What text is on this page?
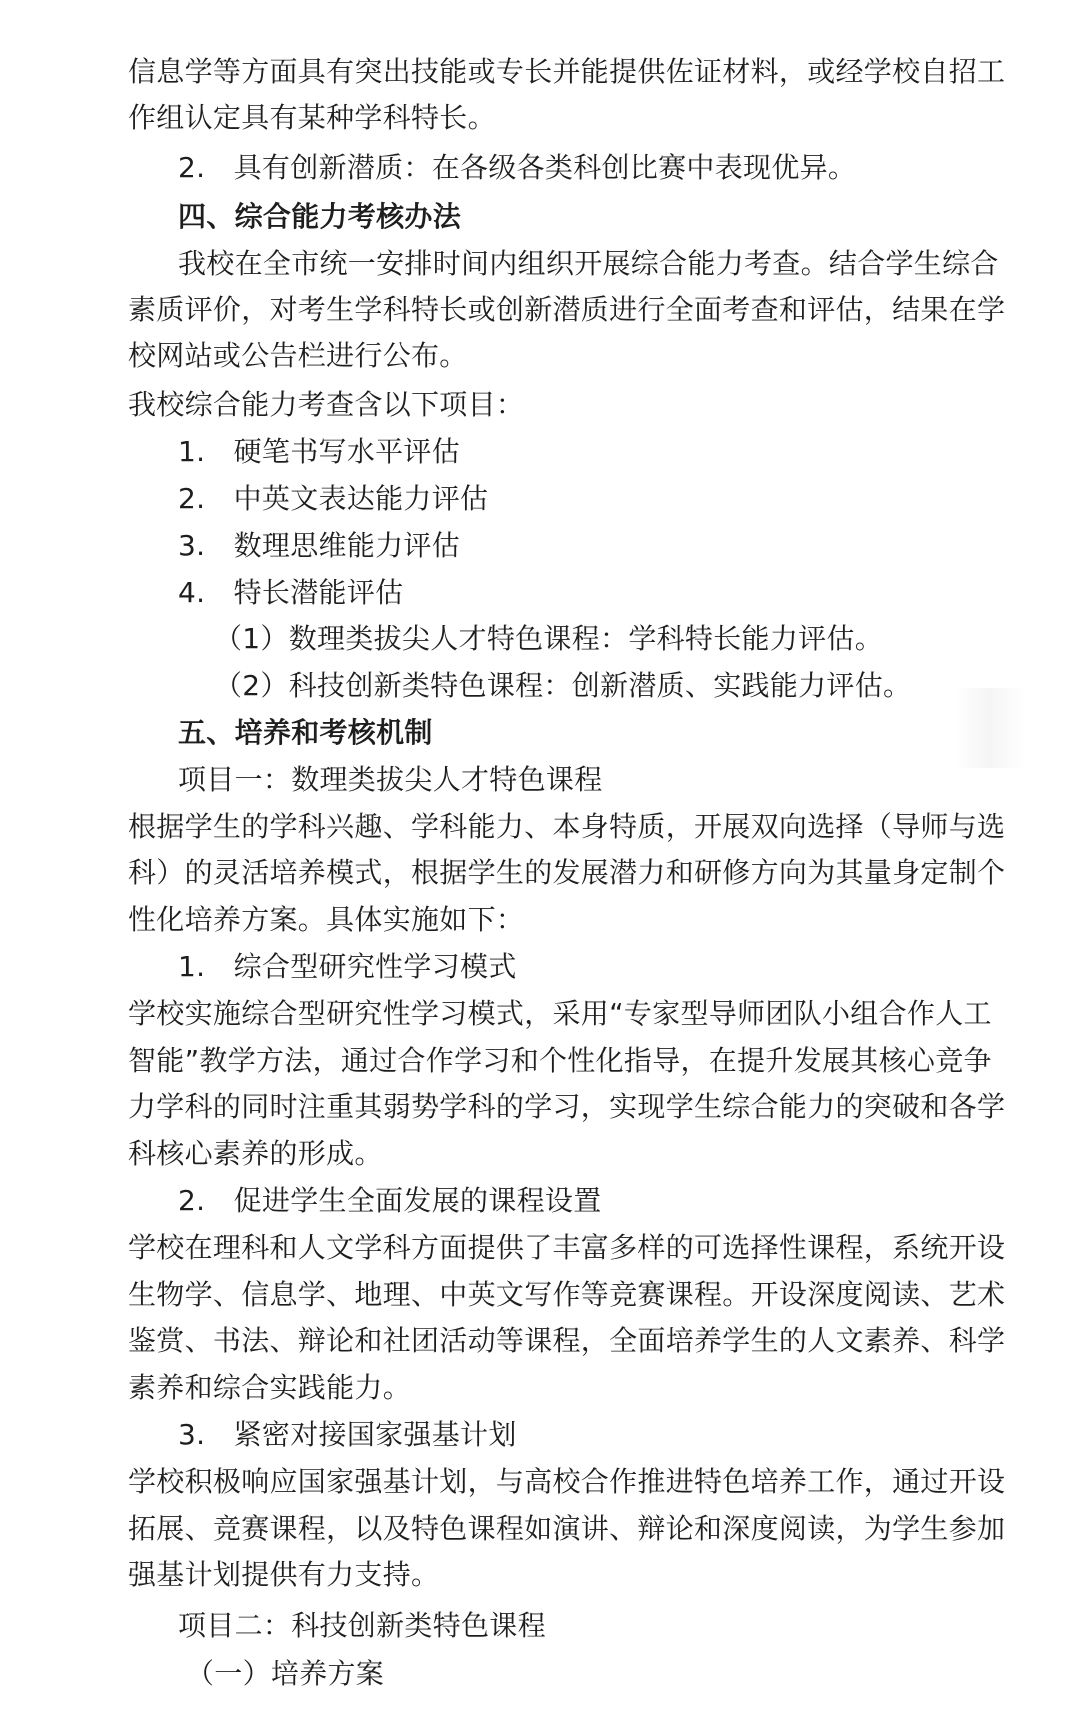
信息学等方面具有突出技能或专长并能提供佐证材料，或经学校自招工
作组认定具有某种学科特长。
2.　具有创新潜质：在各级各类科创比赛中表现优异。
四、综合能力考核办法
我校在全市统一安排时间内组织开展综合能力考查。结合学生综合
素质评价，对考生学科特长或创新潜质进行全面考查和评估，结果在学
校网站或公告栏进行公布。
我校综合能力考查含以下项目：
1.　硬笔书写水平评估
2.　中英文表达能力评估
3.　数理思维能力评估
4.　特长潜能评估
（1）数理类拔尖人才特色课程：学科特长能力评估。
（2）科技创新类特色课程：创新潜质、实践能力评估。
五、培养和考核机制
项目一：数理类拔尖人才特色课程
根据学生的学科兴趣、学科能力、本身特质，开展双向选择（导师与选
科）的灵活培养模式，根据学生的发展潜力和研修方向为其量身定制个
性化培养方案。具体实施如下：
1.　综合型研究性学习模式
学校实施综合型研究性学习模式，采用“专家型导师团队小组合作人工
智能”教学方法，通过合作学习和个性化指导，在提升发展其核心竞争
力学科的同时注重其弱势学科的学习，实现学生综合能力的突破和各学
科核心素养的形成。
2.　促进学生全面发展的课程设置
学校在理科和人文学科方面提供了丰富多样的可选择性课程，系统开设
生物学、信息学、地理、中英文写作等竞赛课程。开设深度阅读、艺术
鉴赏、书法、辩论和社团活动等课程，全面培养学生的人文素养、科学
素养和综合实践能力。
3.　紧密对接国家强基计划
学校积极响应国家强基计划，与高校合作推进特色培养工作，通过开设
拓展、竞赛课程，以及特色课程如演讲、辩论和深度阅读，为学生参加
强基计划提供有力支持。
项目二：科技创新类特色课程
（一）培养方案
